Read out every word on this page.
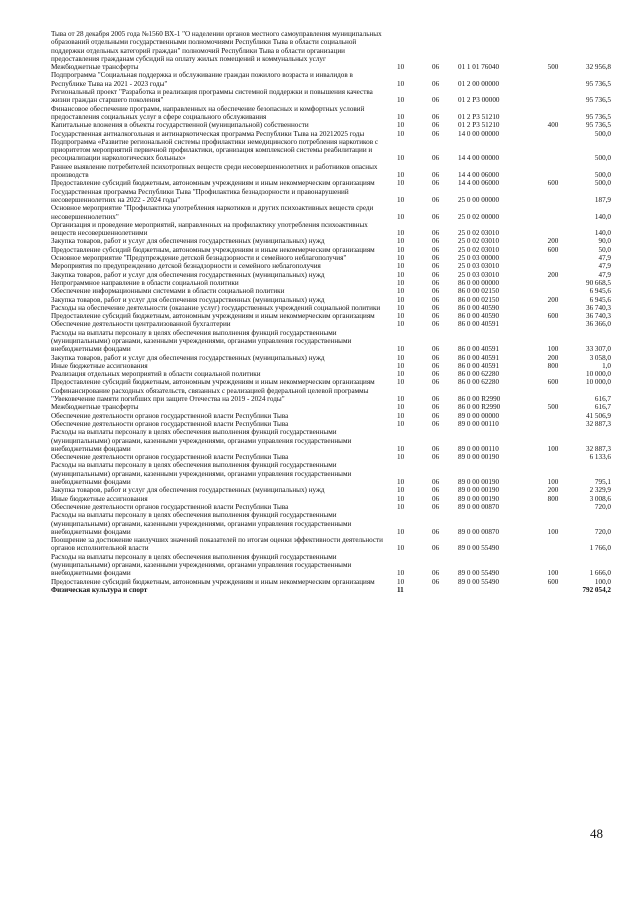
Тыва от 28 декабря 2005 года №1560 ВХ-1 "О наделении органов местного самоуправления муниципальных образований отдельными государственными полномочиями Республики Тыва в области социальной поддержки отдельных категорий граждан" полномочий Республики Тыва в области организации предоставления гражданам субсидий на оплату жилых помещений и коммунальных услуг					
Межбюджетные трансферты	10	06	01 1 01 76040	500	32 956,8
Подпрограмма "Социальная поддержка и обслуживание граждан пожилого возраста и инвалидов в Республике Тыва на 2021 - 2023 годы"	10	06	01 2 00 00000		95 736,5
Региональный проект "Разработка и реализация программы системной поддержки и повышения качества жизни граждан старшего поколения"	10	06	01 2 P3 00000		95 736,5
Финансовое обеспечение программ, направленных на обеспечение безопасных и комфортных условий предоставления социальных услуг в сфере социального обслуживания	10	06	01 2 P3 51210		95 736,5
Капитальные вложения в объекты государственной (муниципальной) собственности	10	06	01 2 P3 51210	400	95 736,5
Государственная антиалкогольная и антинаркотическая программа Республики Тыва на 20212025 годы	10	06	14 0 00 00000		500,0
Подпрограмма «Развитие региональной системы профилактики немедицинского потребления наркотиков с приоритетом мероприятий первичной профилактики, организация комплексной системы реабилитации и ресоциализации наркологических больных»	10	06	14 4 00 00000		500,0
Раннее выявление потребителей психотропных веществ среди несовершеннолетних и работников опасных производств	10	06	14 4 00 06000		500,0
Предоставление субсидий бюджетным, автономным учреждениям и иным некоммерческим организациям	10	06	14 4 00 06000	600	500,0
Государственная программа Республики Тыва "Профилактика безнадзорности и правонарушений несовершеннолетних на 2022 - 2024 годы"	10	06	25 0 00 00000		187,9
Основное мероприятие "Профилактика употребления наркотиков и других психоактивных веществ среди несовершеннолетних"	10	06	25 0 02 00000		140,0
Организация и проведение мероприятий, направленных на профилактику употребления психоактивных веществ несовершеннолетними	10	06	25 0 02 03010		140,0
Закупка товаров, работ и услуг для обеспечения государственных (муниципальных) нужд	10	06	25 0 02 03010	200	90,0
Предоставление субсидий бюджетным, автономным учреждениям и иным некоммерческим организациям	10	06	25 0 02 03010	600	50,0
Основное мероприятие "Предупреждение детской безнадзорности и семейного неблагополучия"	10	06	25 0 03 00000		47,9
Мероприятия по предупреждению детской безнадзорности и семейного неблагополучия	10	06	25 0 03 03010		47,9
Закупка товаров, работ и услуг для обеспечения государственных (муниципальных) нужд	10	06	25 0 03 03010	200	47,9
Непрограммное направление в области социальной политики	10	06	86 0 00 00000		90 668,5
Обеспечение информационными системами в области социальной политики	10	06	86 0 00 02150		6 945,6
Закупка товаров, работ и услуг для обеспечения государственных (муниципальных) нужд	10	06	86 0 00 02150	200	6 945,6
Расходы на обеспечение деятельности (оказание услуг) государственных учреждений социальной политики	10	06	86 0 00 40590		36 740,3
Предоставление субсидий бюджетным, автономным учреждениям и иным некоммерческим организациям	10	06	86 0 00 40590	600	36 740,3
Обеспечение деятельности централизованной бухгалтерии	10	06	86 0 00 40591		36 366,0
Расходы на выплаты персоналу в целях обеспечения выполнения функций государственными (муниципальными) органами, казенными учреждениями, органами управления государственными внебюджетными фондами	10	06	86 0 00 40591	100	33 307,0
Закупка товаров, работ и услуг для обеспечения государственных (муниципальных) нужд	10	06	86 0 00 40591	200	3 058,0
Иные бюджетные ассигнования	10	06	86 0 00 40591	800	1,0
Реализация отдельных мероприятий в области социальной политики	10	06	86 0 00 62280		10 000,0
Предоставление субсидий бюджетным, автономным учреждениям и иным некоммерческим организациям	10	06	86 0 00 62280	600	10 000,0
Софинансирование расходных обязательств, связанных с реализацией федеральной целевой программы "Увековечение памяти погибших при защите Отечества на 2019 - 2024 годы"	10	06	86 0 00 R2990		616,7
Межбюджетные трансферты	10	06	86 0 00 R2990	500	616,7
Обеспечение деятельности органов государственной власти Республики Тыва	10	06	89 0 00 00000		41 506,9
Обеспечение деятельности органов государственной власти Республики Тыва	10	06	89 0 00 00110		32 887,3
Расходы на выплаты персоналу в целях обеспечения выполнения функций государственными (муниципальными) органами, казенными учреждениями, органами управления государственными внебюджетными фондами	10	06	89 0 00 00110	100	32 887,3
Обеспечение деятельности органов государственной власти Республики Тыва	10	06	89 0 00 00190		6 133,6
Расходы на выплаты персоналу в целях обеспечения выполнения функций государственными (муниципальными) органами, казенными учреждениями, органами управления государственными внебюджетными фондами	10	06	89 0 00 00190	100	795,1
Закупка товаров, работ и услуг для обеспечения государственных (муниципальных) нужд	10	06	89 0 00 00190	200	2 329,9
Иные бюджетные ассигнования	10	06	89 0 00 00190	800	3 008,6
Обеспечение деятельности органов государственной власти Республики Тыва	10	06	89 0 00 00870		720,0
Расходы на выплаты персоналу в целях обеспечения выполнения функций государственными (муниципальными) органами, казенными учреждениями, органами управления государственными внебюджетными фондами	10	06	89 0 00 00870	100	720,0
Поощрение за достижение наилучших значений показателей по итогам оценки эффективности деятельности органов исполнительной власти	10	06	89 0 00 55490		1 766,0
Расходы на выплаты персоналу в целях обеспечения выполнения функций государственными (муниципальными) органами, казенными учреждениями, органами управления государственными внебюджетными фондами	10	06	89 0 00 55490	100	1 666,0
Предоставление субсидий бюджетным, автономным учреждениям и иным некоммерческим организациям	10	06	89 0 00 55490	600	100,0
Физическая культура и спорт	11				792 054,2
48
